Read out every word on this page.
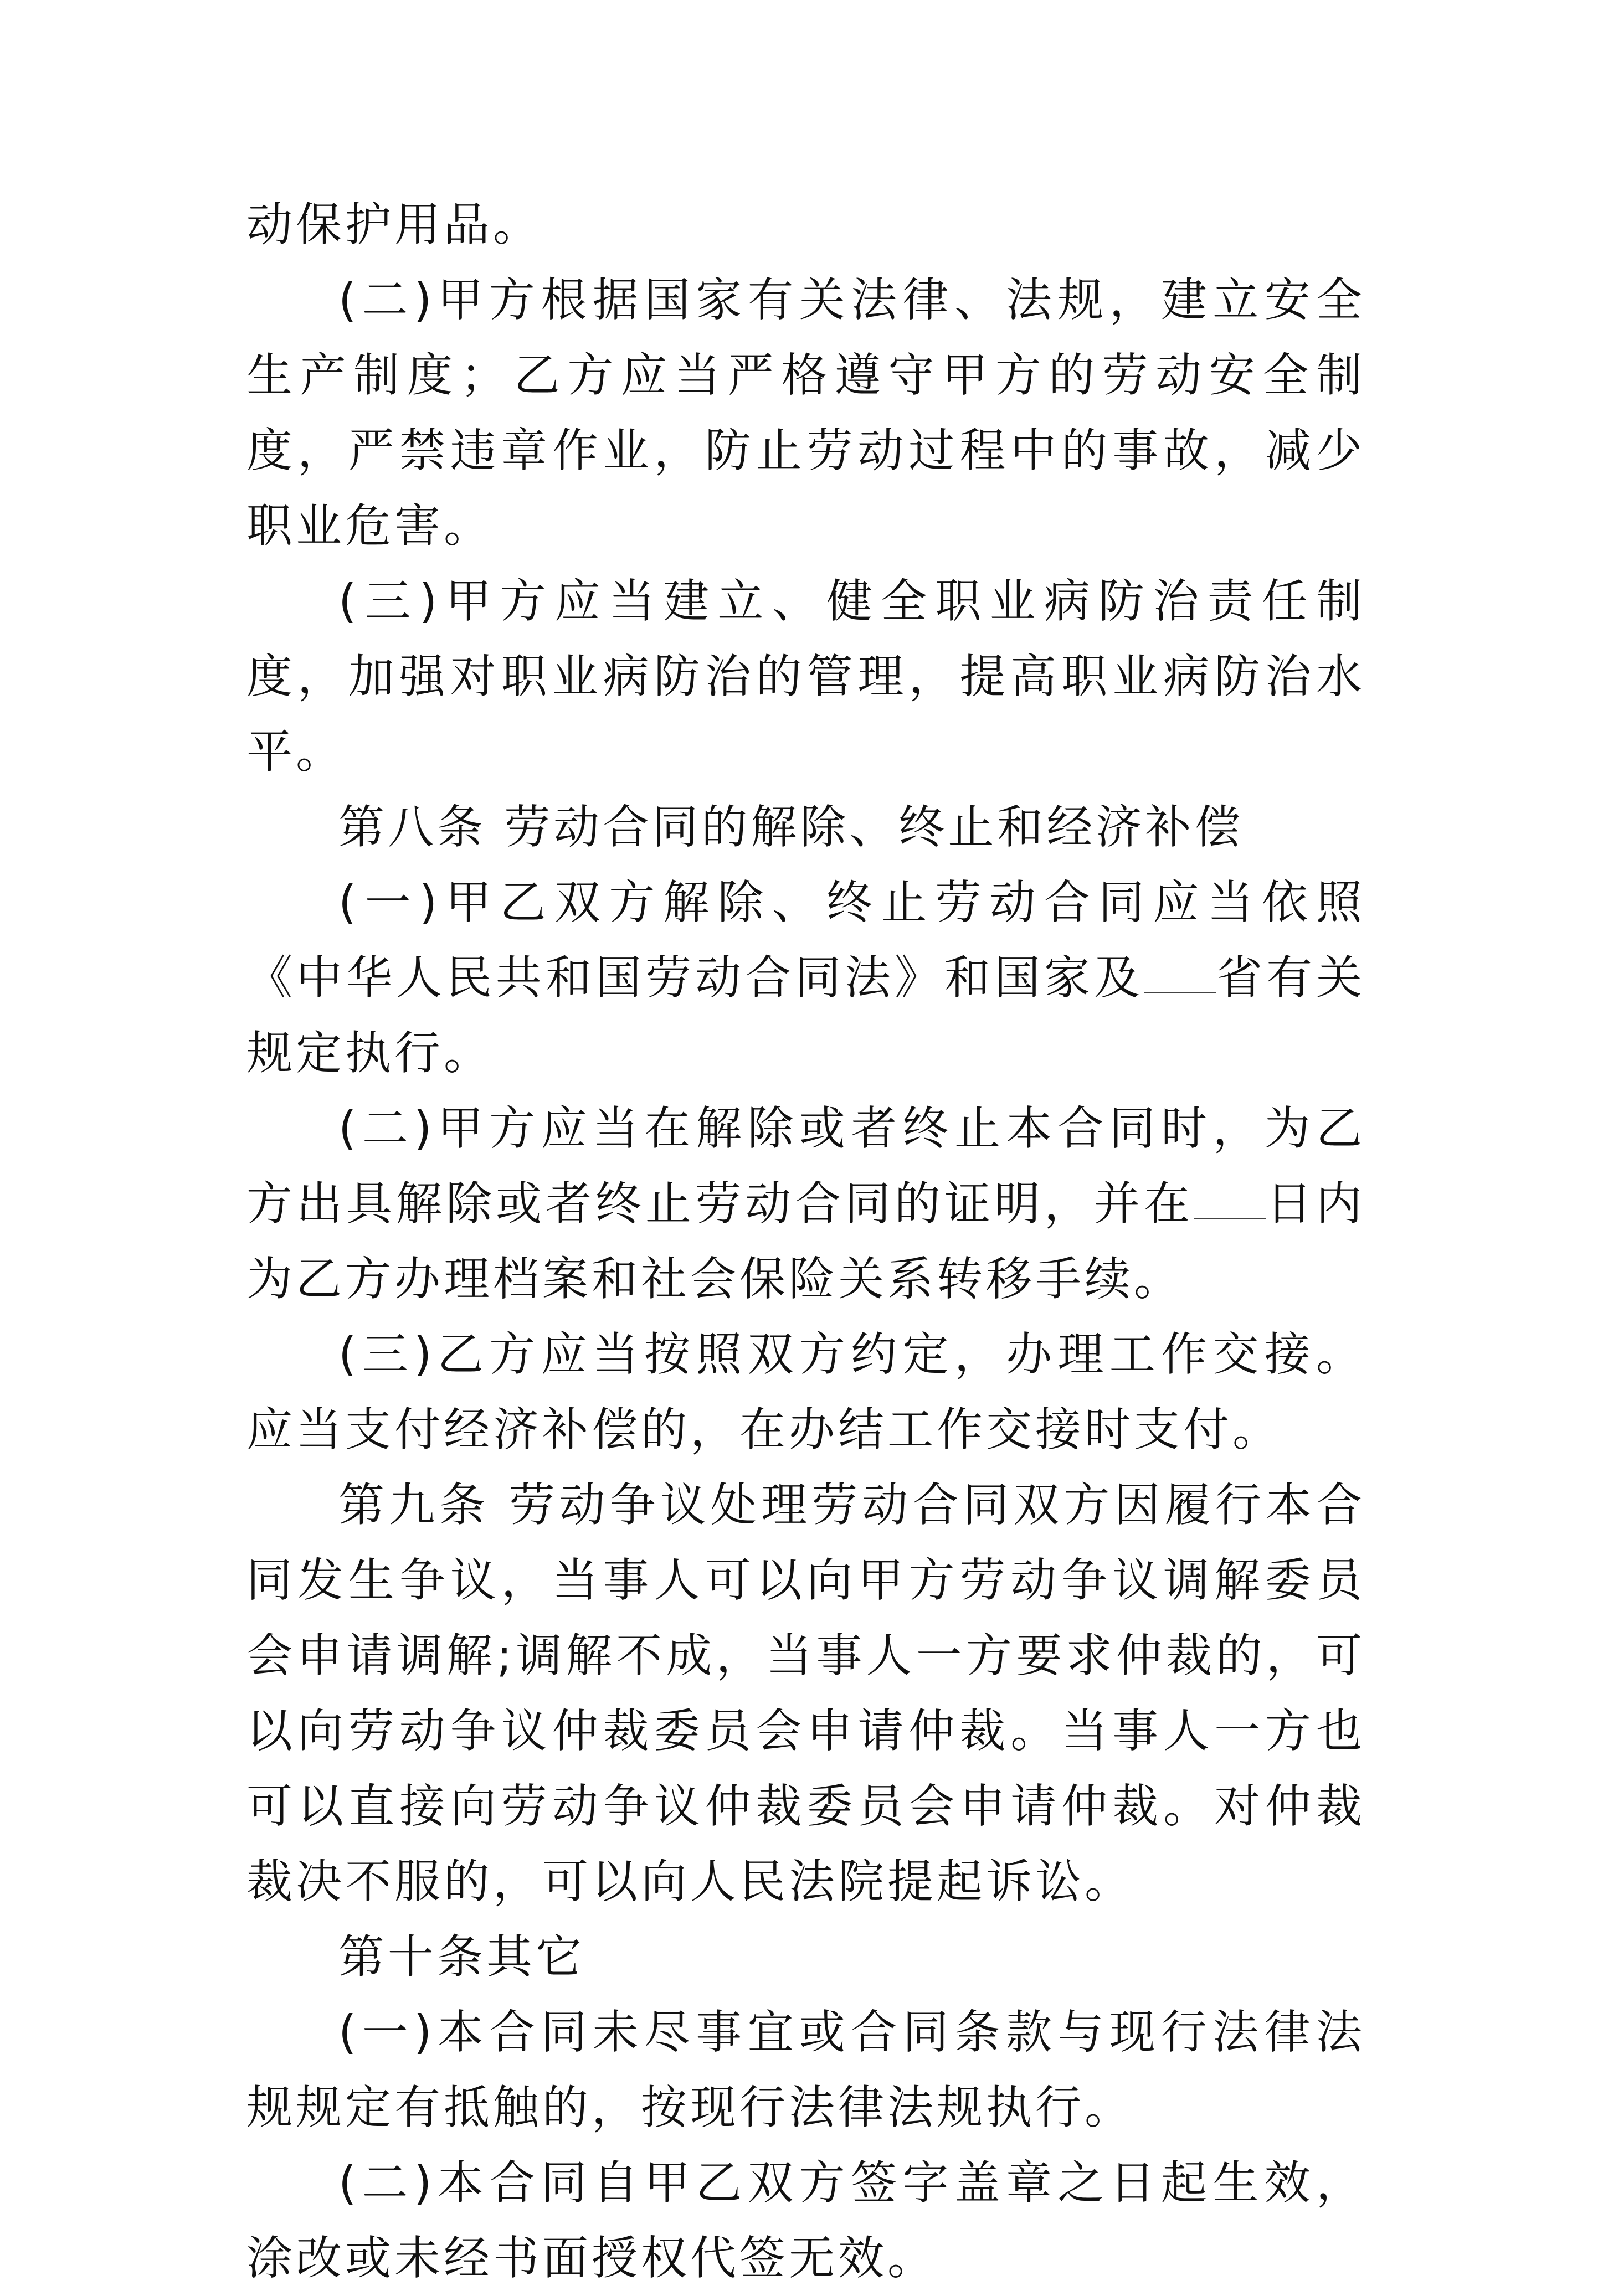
动保护用品。

(二)甲方根据国家有关法律、法规，建立安全生产制度；乙方应当严格遵守甲方的劳动安全制度，严禁违章作业，防止劳动过程中的事故，减少职业危害。

(三)甲方应当建立、健全职业病防治责任制度，加强对职业病防治的管理，提高职业病防治水平。

第八条 劳动合同的解除、终止和经济补偿

(一)甲乙双方解除、终止劳动合同应当依照《中华人民共和国劳动合同法》和国家及 省有关规定执行。

(二)甲方应当在解除或者终止本合同时，为乙方出具解除或者终止劳动合同的证明，并在 日内为乙方办理档案和社会保险关系转移手续。

(三)乙方应当按照双方约定，办理工作交接。应当支付经济补偿的，在办结工作交接时支付。

第九条 劳动争议处理劳动合同双方因履行本合同发生争议，当事人可以向甲方劳动争议调解委员会申请调解;调解不成，当事人一方要求仲裁的，可以向劳动争议仲裁委员会申请仲裁。当事人一方也可以直接向劳动争议仲裁委员会申请仲裁。对仲裁裁决不服的，可以向人民法院提起诉讼。

第十条其它

(一)本合同未尽事宜或合同条款与现行法律法规规定有抵触的，按现行法律法规执行。

(二)本合同自甲乙双方签字盖章之日起生效，涂改或未经书面授权代签无效。
